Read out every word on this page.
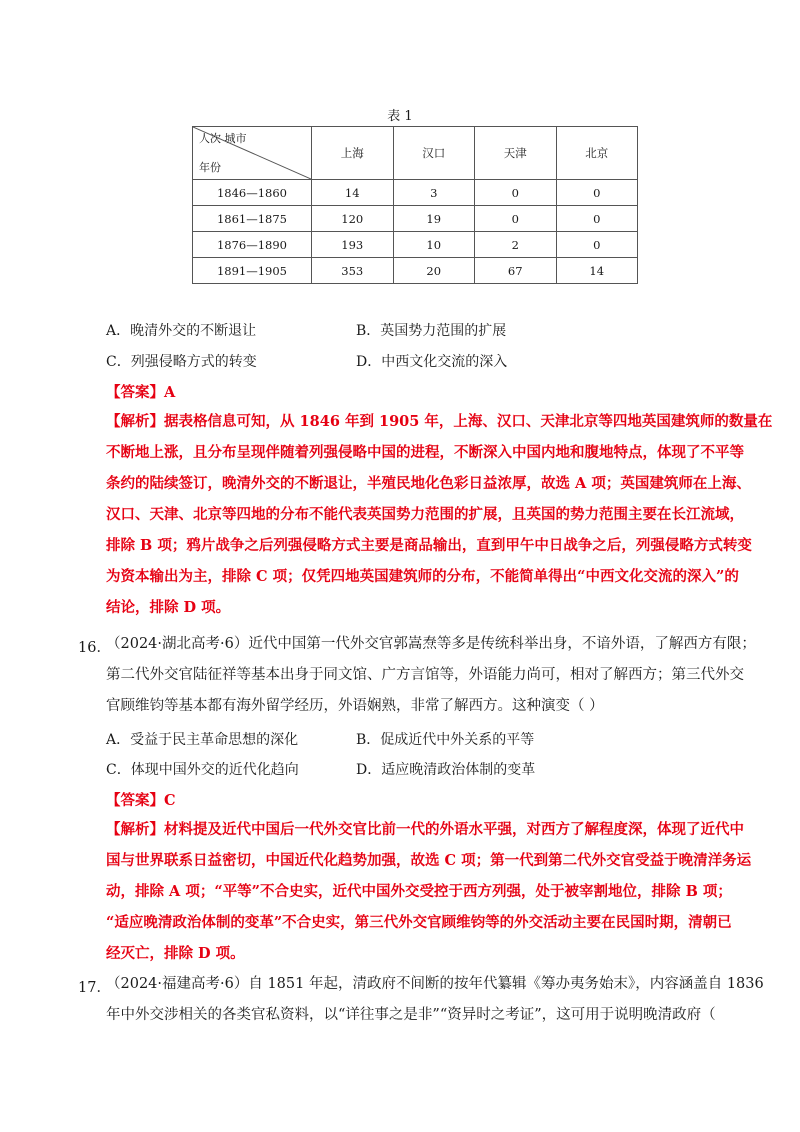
表 1
人次 城市
年份	上海	汉口	天津	北京
1846—1860	14	3	0	0
1861—1875	120	19	0	0
1876—1890	193	10	2	0
1891—1905	353	20	67	14
A．晚清外交的不断退让	B．英国势力范围的扩展
C．列强侵略方式的转变	D．中西文化交流的深入
【答案】A
【解析】据表格信息可知，从 1846 年到 1905 年，上海、汉口、天津北京等四地英国建筑师的数量在
不断地上涨，且分布呈现伴随着列强侵略中国的进程，不断深入中国内地和腹地特点，体现了不平等
条约的陆续签订，晚清外交的不断退让，半殖民地化色彩日益浓厚，故选 A 项；英国建筑师在上海、
汉口、天津、北京等四地的分布不能代表英国势力范围的扩展，且英国的势力范围主要在长江流域，
排除 B 项；鸦片战争之后列强侵略方式主要是商品输出，直到甲午中日战争之后，列强侵略方式转变
为资本输出为主，排除 C 项；仅凭四地英国建筑师的分布，不能简单得出“中西文化交流的深入”的
结论，排除 D 项。
16．
（2024·湖北高考·6）近代中国第一代外交官郭嵩焘等多是传统科举出身，不谙外语，了解西方有限；
第二代外交官陆征祥等基本出身于同文馆、广方言馆等，外语能力尚可，相对了解西方；第三代外交
官顾维钧等基本都有海外留学经历，外语娴熟，非常了解西方。这种演变（ ）
A．受益于民主革命思想的深化	B．促成近代中外关系的平等
C．体现中国外交的近代化趋向	D．适应晚清政治体制的变革
【答案】C
【解析】材料提及近代中国后一代外交官比前一代的外语水平强，对西方了解程度深，体现了近代中
国与世界联系日益密切，中国近代化趋势加强，故选 C 项；第一代到第二代外交官受益于晚清洋务运
动，排除 A 项；“平等”不合史实，近代中国外交受控于西方列强，处于被宰割地位，排除 B 项；
“适应晚清政治体制的变革”不合史实，第三代外交官顾维钧等的外交活动主要在民国时期，清朝已
经灭亡，排除 D 项。
17．
（2024·福建高考·6）自 1851 年起，清政府不间断的按年代纂辑《筹办夷务始末》，内容涵盖自 1836
年中外交涉相关的各类官私资料，以“详往事之是非”“资异时之考证”，这可用于说明晚清政府（
